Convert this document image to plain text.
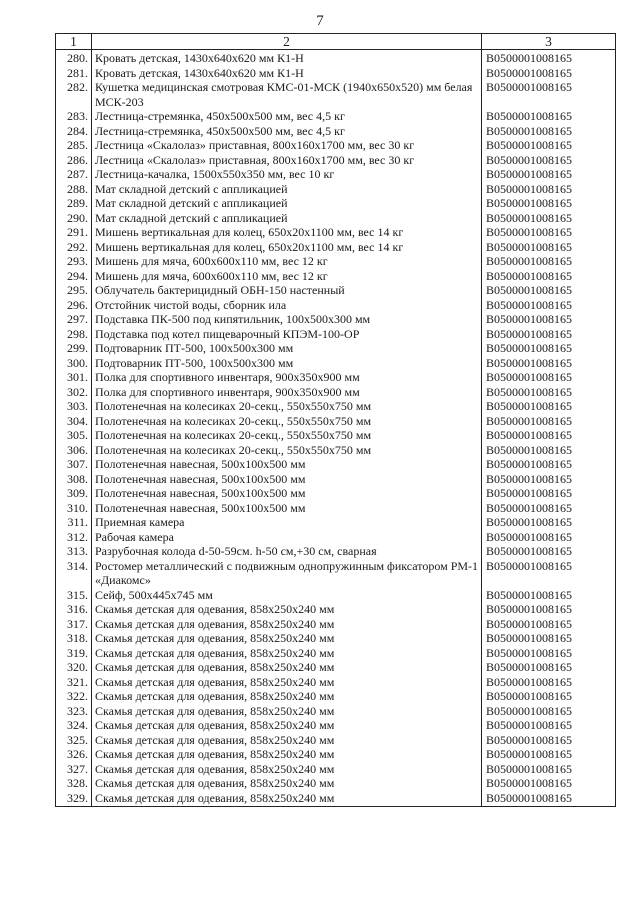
7
1	2	3
280.	Кровать детская, 1430х640х620 мм К1-Н	B0500001008165
281.	Кровать детская, 1430х640х620 мм К1-Н	B0500001008165
282.	Кушетка медицинская смотровая КМС-01-МСК (1940х650х520) мм белая МСК-203	B0500001008165
283.	Лестница-стремянка, 450х500х500 мм, вес 4,5 кг	B0500001008165
284.	Лестница-стремянка, 450х500х500 мм, вес 4,5 кг	B0500001008165
285.	Лестница «Скалолаз» приставная, 800х160х1700 мм, вес 30 кг	B0500001008165
286.	Лестница «Скалолаз» приставная, 800х160х1700 мм, вес 30 кг	B0500001008165
287.	Лестница-качалка, 1500х550х350 мм, вес 10 кг	B0500001008165
288.	Мат складной детский с аппликацией	B0500001008165
289.	Мат складной детский с аппликацией	B0500001008165
290.	Мат складной детский с аппликацией	B0500001008165
291.	Мишень вертикальная для колец, 650х20х1100 мм, вес 14 кг	B0500001008165
292.	Мишень вертикальная для колец, 650х20х1100 мм, вес 14 кг	B0500001008165
293.	Мишень для мяча, 600х600х110 мм, вес 12 кг	B0500001008165
294.	Мишень для мяча, 600х600х110 мм, вес 12 кг	B0500001008165
295.	Облучатель бактерицидный ОБН-150 настенный	B0500001008165
296.	Отстойник чистой воды, сборник ила	B0500001008165
297.	Подставка ПК-500 под кипятильник, 100х500х300 мм	B0500001008165
298.	Подставка под котел пищеварочный КПЭМ-100-ОР	B0500001008165
299.	Подтоварник ПТ-500, 100х500х300 мм	B0500001008165
300.	Подтоварник ПТ-500, 100х500х300 мм	B0500001008165
301.	Полка для спортивного инвентаря, 900х350х900 мм	B0500001008165
302.	Полка для спортивного инвентаря, 900х350х900 мм	B0500001008165
303.	Полотенечная на колесиках 20-секц., 550х550х750 мм	B0500001008165
304.	Полотенечная на колесиках 20-секц., 550х550х750 мм	B0500001008165
305.	Полотенечная на колесиках 20-секц., 550х550х750 мм	B0500001008165
306.	Полотенечная на колесиках 20-секц., 550х550х750 мм	B0500001008165
307.	Полотенечная навесная, 500х100х500 мм	B0500001008165
308.	Полотенечная навесная, 500х100х500 мм	B0500001008165
309.	Полотенечная навесная, 500х100х500 мм	B0500001008165
310.	Полотенечная навесная, 500х100х500 мм	B0500001008165
311.	Приемная камера	B0500001008165
312.	Рабочая камера	B0500001008165
313.	Разрубочная колода d-50-59см. h-50 см,+30 см, сварная	B0500001008165
314.	Ростомер металлический с подвижным однопружинным фиксатором РМ-1 «Диакомс»	B0500001008165
315.	Сейф, 500х445х745 мм	B0500001008165
316.	Скамья детская для одевания, 858х250х240 мм	B0500001008165
317.	Скамья детская для одевания, 858х250х240 мм	B0500001008165
318.	Скамья детская для одевания, 858х250х240 мм	B0500001008165
319.	Скамья детская для одевания, 858х250х240 мм	B0500001008165
320.	Скамья детская для одевания, 858х250х240 мм	B0500001008165
321.	Скамья детская для одевания, 858х250х240 мм	B0500001008165
322.	Скамья детская для одевания, 858х250х240 мм	B0500001008165
323.	Скамья детская для одевания, 858х250х240 мм	B0500001008165
324.	Скамья детская для одевания, 858х250х240 мм	B0500001008165
325.	Скамья детская для одевания, 858х250х240 мм	B0500001008165
326.	Скамья детская для одевания, 858х250х240 мм	B0500001008165
327.	Скамья детская для одевания, 858х250х240 мм	B0500001008165
328.	Скамья детская для одевания, 858х250х240 мм	B0500001008165
329.	Скамья детская для одевания, 858х250х240 мм	B0500001008165
